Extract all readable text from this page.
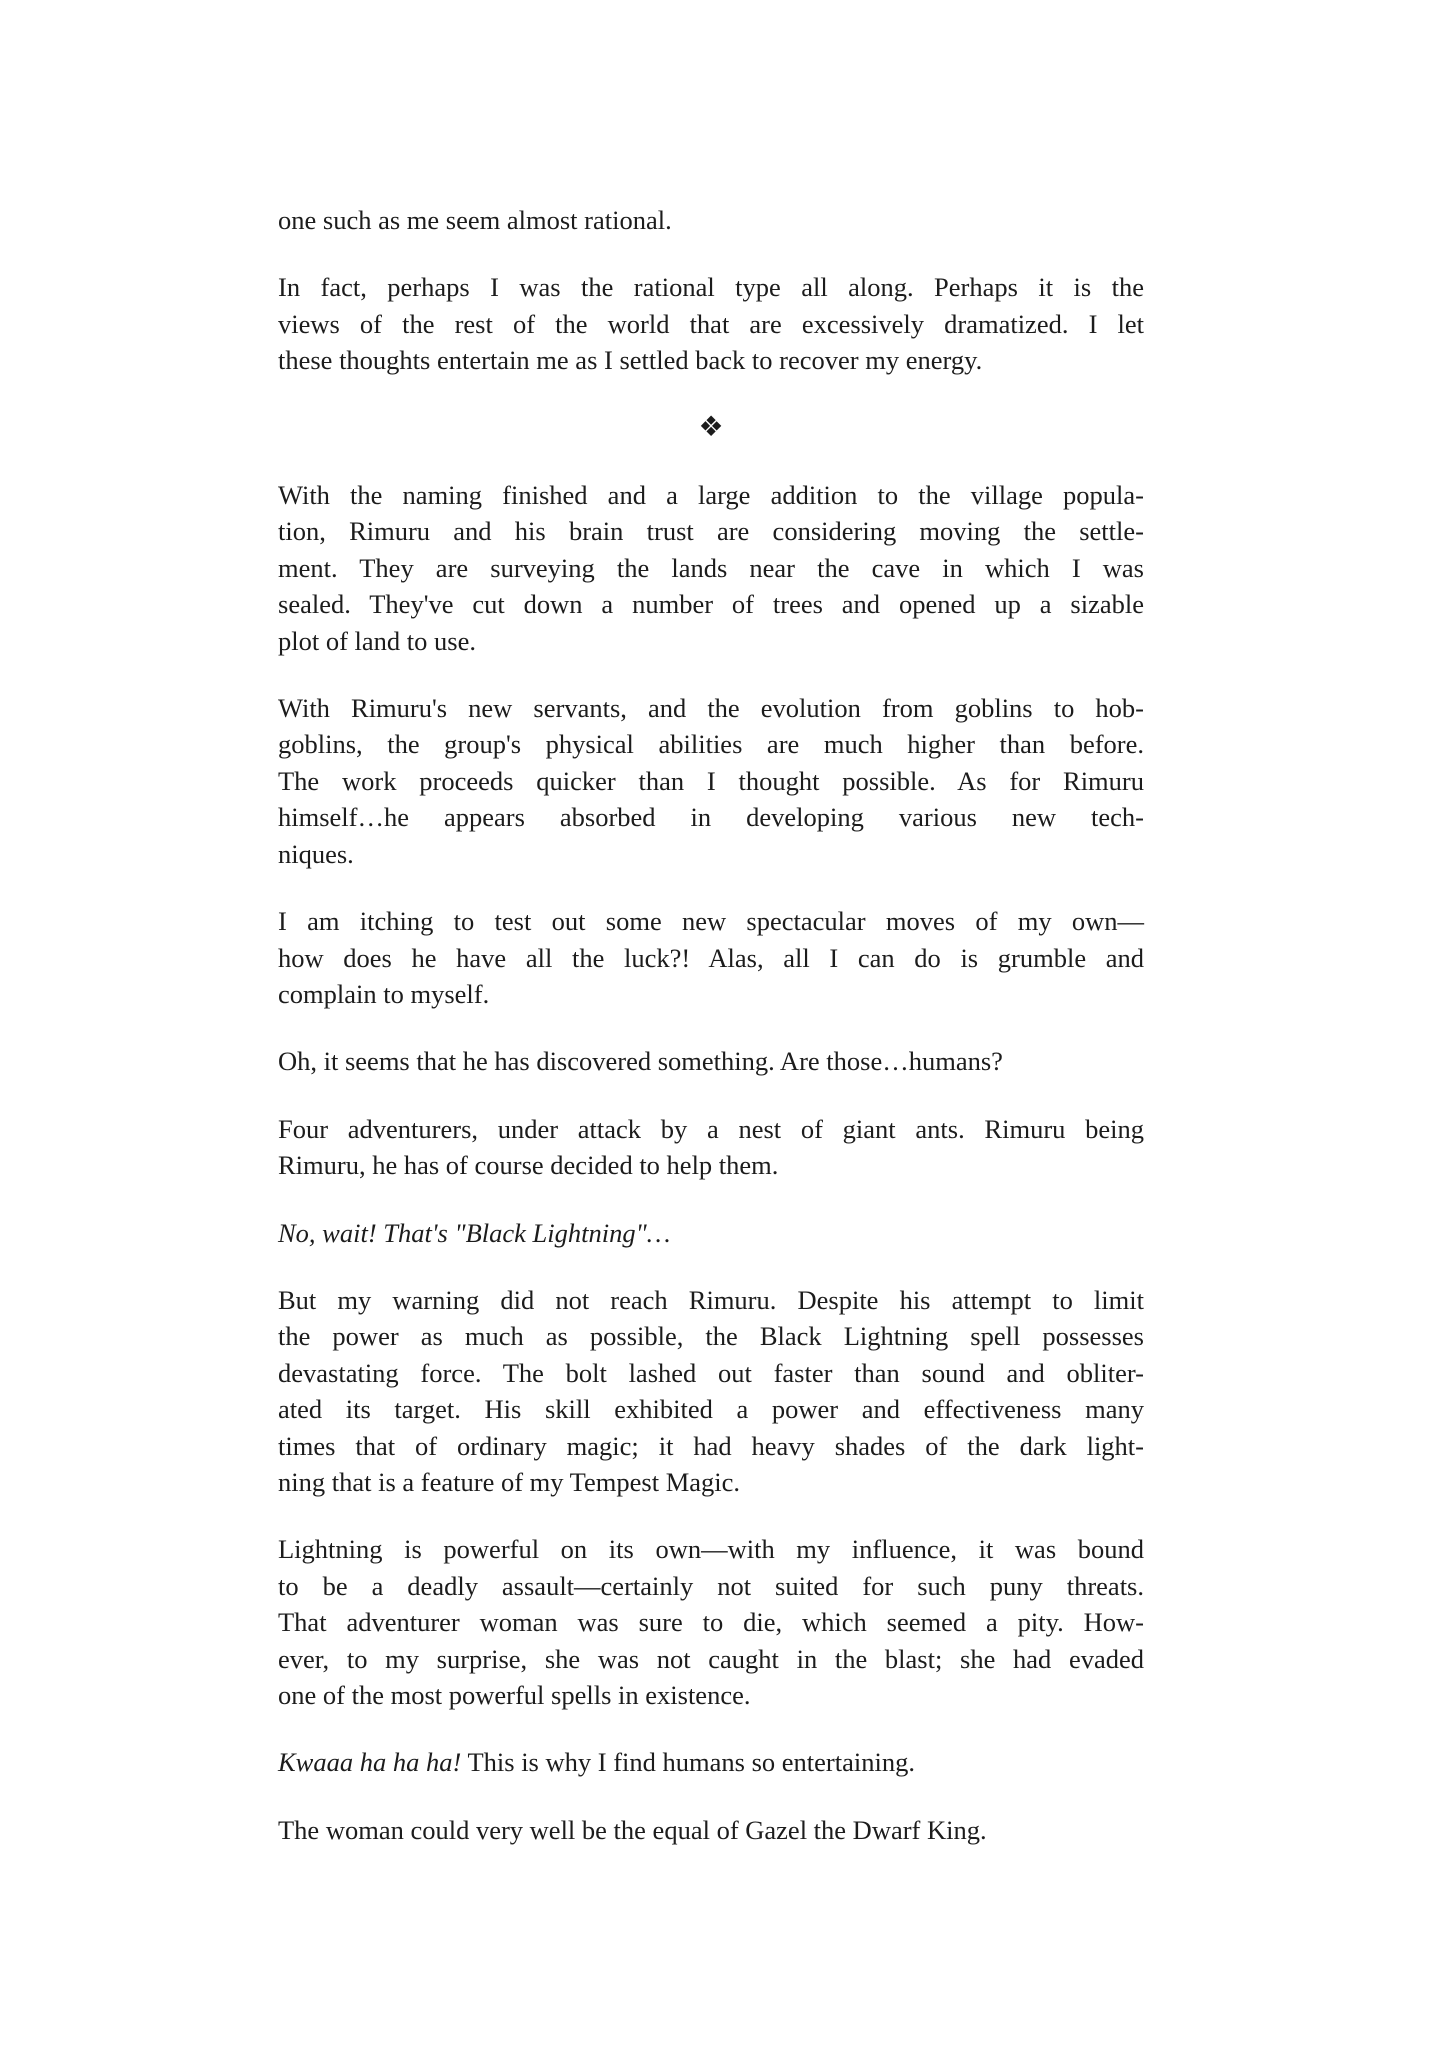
one such as me seem almost rational.
In fact, perhaps I was the rational type all along. Perhaps it is the
views of the rest of the world that are excessively dramatized. I let
these thoughts entertain me as I settled back to recover my energy.
❖
With the naming finished and a large addition to the village popula-
tion, Rimuru and his brain trust are considering moving the settle-
ment. They are surveying the lands near the cave in which I was
sealed. They've cut down a number of trees and opened up a sizable
plot of land to use.
With Rimuru's new servants, and the evolution from goblins to hob-
goblins, the group's physical abilities are much higher than before.
The work proceeds quicker than I thought possible. As for Rimuru
himself…he appears absorbed in developing various new tech-
niques.
I am itching to test out some new spectacular moves of my own—
how does he have all the luck?! Alas, all I can do is grumble and
complain to myself.
Oh, it seems that he has discovered something. Are those…humans?
Four adventurers, under attack by a nest of giant ants. Rimuru being
Rimuru, he has of course decided to help them.
No, wait! That's "Black Lightning"…
But my warning did not reach Rimuru. Despite his attempt to limit
the power as much as possible, the Black Lightning spell possesses
devastating force. The bolt lashed out faster than sound and obliter-
ated its target. His skill exhibited a power and effectiveness many
times that of ordinary magic; it had heavy shades of the dark light-
ning that is a feature of my Tempest Magic.
Lightning is powerful on its own—with my influence, it was bound
to be a deadly assault—certainly not suited for such puny threats.
That adventurer woman was sure to die, which seemed a pity. How-
ever, to my surprise, she was not caught in the blast; she had evaded
one of the most powerful spells in existence.
Kwaaa ha ha ha! This is why I find humans so entertaining.
The woman could very well be the equal of Gazel the Dwarf King.
